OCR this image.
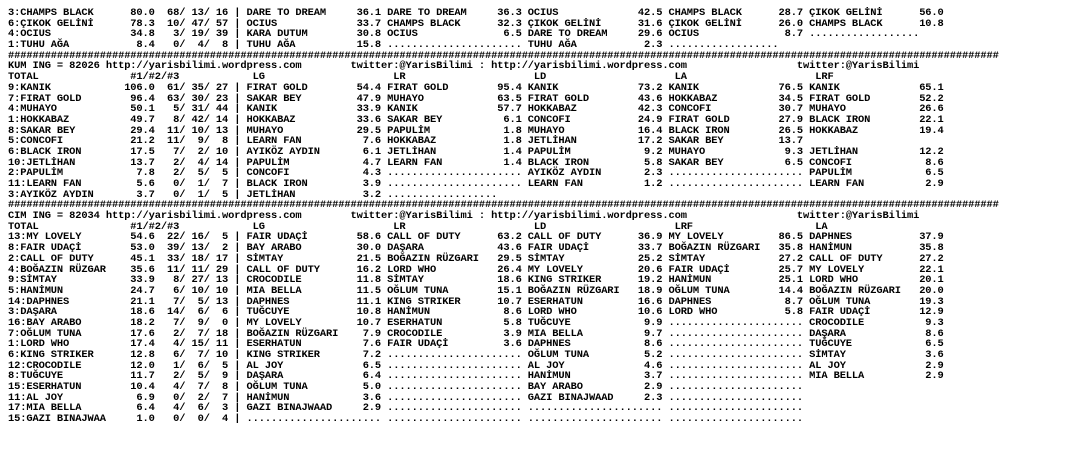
3:CHAMPS BLACK      80.0  68/ 13/ 16 | DARE TO DREAM     36.1 DARE TO DREAM     36.3 OCIUS             42.5 CHAMPS BLACK      28.7 ÇIKOK GELİNİ      56.0
6:ÇIKOK GELİNİ      78.3  10/ 47/ 57 | OCIUS             33.7 CHAMPS BLACK      32.3 ÇIKOK GELİNİ      31.6 ÇIKOK GELİNİ      26.0 CHAMPS BLACK      10.8
4:OCIUS             34.8   3/ 19/ 39 | KARA DUTUM        30.8 OCIUS              6.5 DARE TO DREAM     29.6 OCIUS              8.7 ..................
1:TUHU AĞA           8.4   0/  4/  8 | TUHU AĞA          15.8 ...................... TUHU AĞA           2.3 ..................
##################################################################################################################################################################
KUM ING = 82026 http://yarisbilimi.wordpress.com        twitter:@YarisBilimi : http://yarisbilimi.wordpress.com                  twitter:@YarisBilimi
TOTAL               #1/#2/#3            LG                     LR                     LD                     LA                     LRF
9:KANIK            106.0  61/ 35/ 27 | FIRAT GOLD        54.4 FIRAT GOLD        95.4 KANIK             73.2 KANIK             76.5 KANIK             65.1
7:FIRAT GOLD        96.4  63/ 30/ 23 | SAKAR BEY         47.9 MUHAYO            63.5 FIRAT GOLD        43.6 HOKKABAZ          34.5 FIRAT GOLD        52.2
4:MUHAYO            50.1   5/ 31/ 44 | KANIK             33.9 KANIK             57.7 HOKKABAZ          42.3 CONCOFI           30.7 MUHAYO            26.6
1:HOKKABAZ          49.7   8/ 42/ 14 | HOKKABAZ          33.6 SAKAR BEY          6.1 CONCOFI           24.9 FIRAT GOLD        27.9 BLACK IRON        22.1
8:SAKAR BEY         29.4  11/ 10/ 13 | MUHAYO            29.5 PAPULİM            1.8 MUHAYO            16.4 BLACK IRON        26.5 HOKKABAZ          19.4
5:CONCOFI           21.2  11/  9/  8 | LEARN FAN          7.6 HOKKABAZ           1.8 JETLİHAN          17.2 SAKAR BEY         13.7
6:BLACK IRON        17.5   7/  2/ 10 | AYIKÖZ AYDIN       6.1 JETLİHAN           1.4 PAPULİM            9.2 MUHAYO             9.3 JETLİHAN          12.2
10:JETLİHAN         13.7   2/  4/ 14 | PAPULİM            4.7 LEARN FAN          1.4 BLACK IRON         5.8 SAKAR BEY          6.5 CONCOFI            8.6
2:PAPULİM            7.8   2/  5/  5 | CONCOFI            4.3 ...................... AYIKÖZ AYDIN       2.3 ...................... PAPULİM            6.5
11:LEARN FAN         5.6   0/  1/  7 | BLACK IRON         3.9 ...................... LEARN FAN          1.2 ...................... LEARN FAN          2.9
3:AYIKÖZ AYDIN       3.7   0/  1/  5 | JETLİHAN           3.2 ..................
##################################################################################################################################################################
CIM ING = 82034 http://yarisbilimi.wordpress.com        twitter:@YarisBilimi : http://yarisbilimi.wordpress.com                  twitter:@YarisBilimi
TOTAL               #1/#2/#3            LG                     LR                     LD                     LRF                    LA
13:MY LOVELY        54.6  22/ 16/  5 | FAIR UDAÇİ        58.6 CALL OF DUTY      63.2 CALL OF DUTY      36.9 MY LOVELY         86.5 DAPHNES           37.9
8:FAIR UDAÇİ        53.0  39/ 13/  2 | BAY ARABO         30.0 DAŞARA            43.6 FAIR UDAÇİ        33.7 BOĞAZIN RÜZGARI   35.8 HANİMUN           35.8
2:CALL OF DUTY      45.1  33/ 18/ 17 | SİMTAY            21.5 BOĞAZIN RÜZGARI   29.5 SİMTAY            25.2 SİMTAY            27.2 CALL OF DUTY      27.2
4:BOĞAZIN RÜZGAR    35.6  11/ 11/ 29 | CALL OF DUTY      16.2 LORD WHO          26.4 MY LOVELY         20.6 FAIR UDAÇİ        25.7 MY LOVELY         22.1
9:SİMTAY            33.9   8/ 27/ 13 | CROCODILE         11.8 SİMTAY            18.6 KING STRIKER      19.2 HANİMUN           25.1 LORD WHO          20.1
5:HANİMUN           24.7   6/ 10/ 10 | MIA BELLA         11.5 OĞLUM TUNA        15.1 BOĞAZIN RÜZGARI   18.9 OĞLUM TUNA        14.4 BOĞAZIN RÜZGARI   20.0
14:DAPHNES          21.1   7/  5/ 13 | DAPHNES           11.1 KING STRIKER      10.7 ESERHATUN         16.6 DAPHNES            8.7 OĞLUM TUNA        19.3
3:DAŞARA            18.6  14/  6/  6 | TUĞCUYE           10.8 HANİMUN            8.6 LORD WHO          10.6 LORD WHO           5.8 FAIR UDAÇİ        12.9
16:BAY ARABO        18.2   7/  9/  0 | MY LOVELY         10.7 ESERHATUN          5.8 TUĞCUYE            9.9 ...................... CROCODILE          9.3
7:OĞLUM TUNA        17.6   2/  7/ 18 | BOĞAZIN RÜZGARI    7.9 CROCODILE          3.9 MIA BELLA          9.7 ...................... DAŞARA             8.6
1:LORD WHO          17.4   4/ 15/ 11 | ESERHATUN          7.6 FAIR UDAÇİ         3.6 DAPHNES            8.6 ...................... TUĞCUYE            6.5
6:KING STRIKER      12.8   6/  7/ 10 | KING STRIKER       7.2 ...................... OĞLUM TUNA         5.2 ...................... SİMTAY             3.6
12:CROCODILE        12.0   1/  6/  5 | AL JOY             6.5 ...................... AL JOY             4.6 ...................... AL JOY             2.9
8:TUĞCUYE           11.7   2/  5/  9 | DAŞARA             6.4 ...................... HANİMUN            3.7 ...................... MIA BELLA          2.9
15:ESERHATUN        10.4   4/  7/  8 | OĞLUM TUNA         5.0 ...................... BAY ARABO          2.9 ......................
11:AL JOY            6.9   0/  2/  7 | HANİMUN            3.6 ...................... GAZI BINAJWAAD     2.3 ......................
17:MIA BELLA         6.4   4/  6/  3 | GAZI BINAJWAAD     2.9 ...................... ...................... ......................
15:GAZI BINAJWAA     1.0   0/  0/  4 | ...................... ...................... ...................... ......................
